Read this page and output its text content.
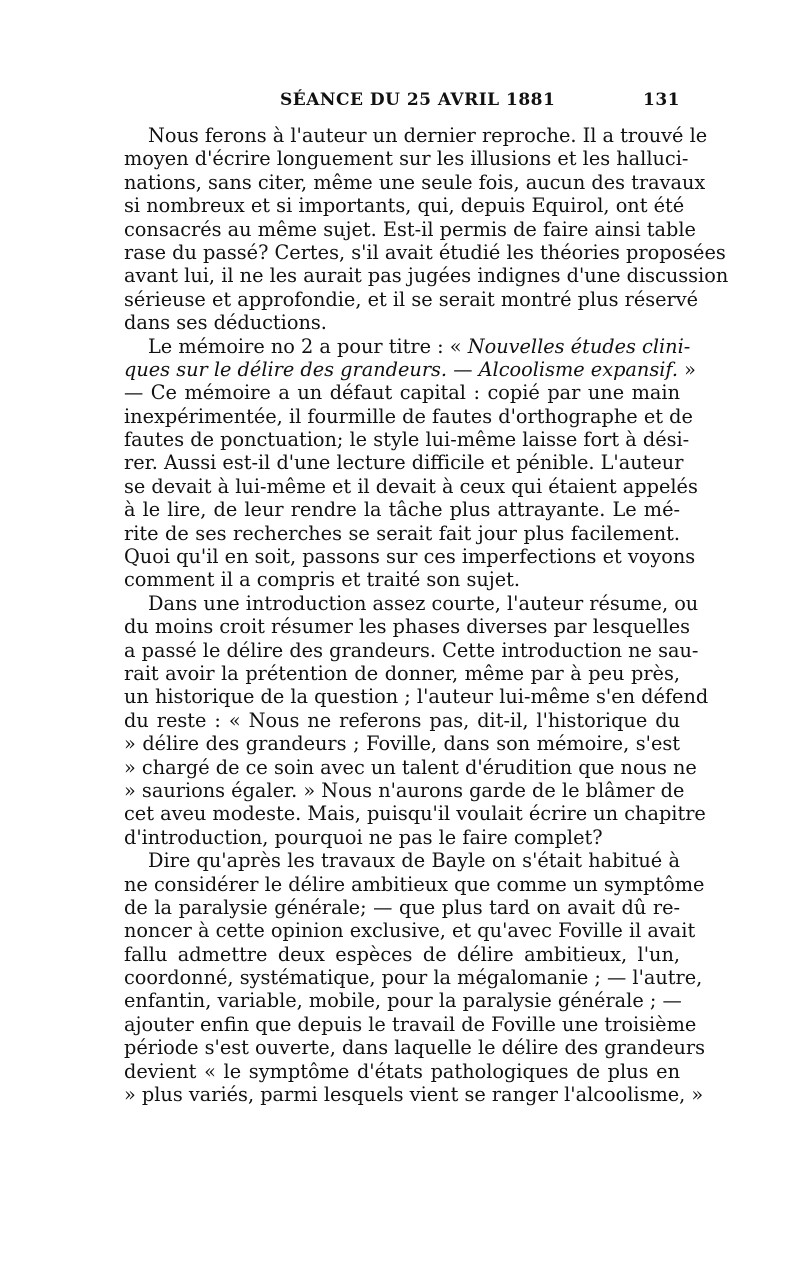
SÉANCE DU 25 AVRIL 1881	131
Nous ferons à l'auteur un dernier reproche. Il a trouvé le
moyen d'écrire longuement sur les illusions et les halluci-
nations, sans citer, même une seule fois, aucun des travaux
si nombreux et si importants, qui, depuis Equirol, ont été
consacrés au même sujet. Est-il permis de faire ainsi table
rase du passé? Certes, s'il avait étudié les théories proposées
avant lui, il ne les aurait pas jugées indignes d'une discussion
sérieuse et approfondie, et il se serait montré plus réservé
dans ses déductions.
Le mémoire no 2 a pour titre : « Nouvelles études clini-
ques sur le délire des grandeurs. — Alcoolisme expansif. »
— Ce mémoire a un défaut capital : copié par une main
inexpérimentée, il fourmille de fautes d'orthographe et de
fautes de ponctuation; le style lui-même laisse fort à dési-
rer. Aussi est-il d'une lecture difficile et pénible. L'auteur
se devait à lui-même et il devait à ceux qui étaient appelés
à le lire, de leur rendre la tâche plus attrayante. Le mé-
rite de ses recherches se serait fait jour plus facilement.
Quoi qu'il en soit, passons sur ces imperfections et voyons
comment il a compris et traité son sujet.
Dans une introduction assez courte, l'auteur résume, ou
du moins croit résumer les phases diverses par lesquelles
a passé le délire des grandeurs. Cette introduction ne sau-
rait avoir la prétention de donner, même par à peu près,
un historique de la question ; l'auteur lui-même s'en défend
du reste : « Nous ne referons pas, dit-il, l'historique du
» délire des grandeurs ; Foville, dans son mémoire, s'est
» chargé de ce soin avec un talent d'érudition que nous ne
» saurions égaler. » Nous n'aurons garde de le blâmer de
cet aveu modeste. Mais, puisqu'il voulait écrire un chapitre
d'introduction, pourquoi ne pas le faire complet?
Dire qu'après les travaux de Bayle on s'était habitué à
ne considérer le délire ambitieux que comme un symptôme
de la paralysie générale; — que plus tard on avait dû re-
noncer à cette opinion exclusive, et qu'avec Foville il avait
fallu admettre deux espèces de délire ambitieux, l'un,
coordonné, systématique, pour la mégalomanie ; — l'autre,
enfantin, variable, mobile, pour la paralysie générale ; —
ajouter enfin que depuis le travail de Foville une troisième
période s'est ouverte, dans laquelle le délire des grandeurs
devient « le symptôme d'états pathologiques de plus en
» plus variés, parmi lesquels vient se ranger l'alcoolisme, »
